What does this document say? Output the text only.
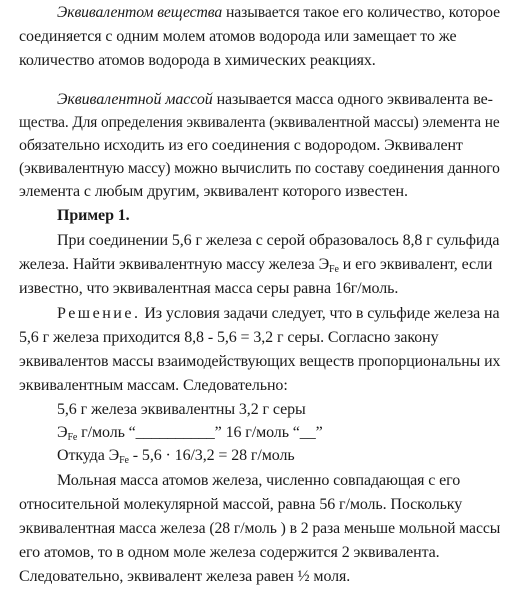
Эквивалентом вещества называется такое его количество, которое
соединяется с одним молем атомов водорода или замещает то же
количество атомов водорода в химических реакциях.
Эквивалентной массой называется масса одного эквивалента ве-
щества. Для определения эквивалента (эквивалентной массы) элемента не
обязательно исходить из его соединения с водородом. Эквивалент
(эквивалентную массу) можно вычислить по составу соединения данного
элемента с любым другим, эквивалент которого известен.
Пример 1.
При соединении 5,6 г железа с серой образовалось 8,8 г сульфида
железа. Найти эквивалентную массу железа $Э_{Fe}$ и его эквивалент, если
известно, что эквивалентная масса серы равна 16г/моль.
Решение. Из условия задачи следует, что в сульфиде железа на
5,6 г железа приходится 8,8 - 5,6 = 3,2 г серы. Согласно закону
эквивалентов массы взаимодействующих веществ пропорциональны их
эквивалентным массам. Следовательно:
5,6 г железа эквивалентны 3,2 г серы
$Э_{Fe}$ г/моль “__________” 16 г/моль “__”
Откуда $Э_{Fe} - 5,6 \cdot 16/3,2 = 28$ г/моль
Мольная масса атомов железа, численно совпадающая с его
относительной молекулярной массой, равна 56 г/моль. Поскольку
эквивалентная масса железа (28 г/моль ) в 2 раза меньше мольной массы
его атомов, то в одном моле железа содержится 2 эквивалента.
Следовательно, эквивалент железа равен ½ моля.
